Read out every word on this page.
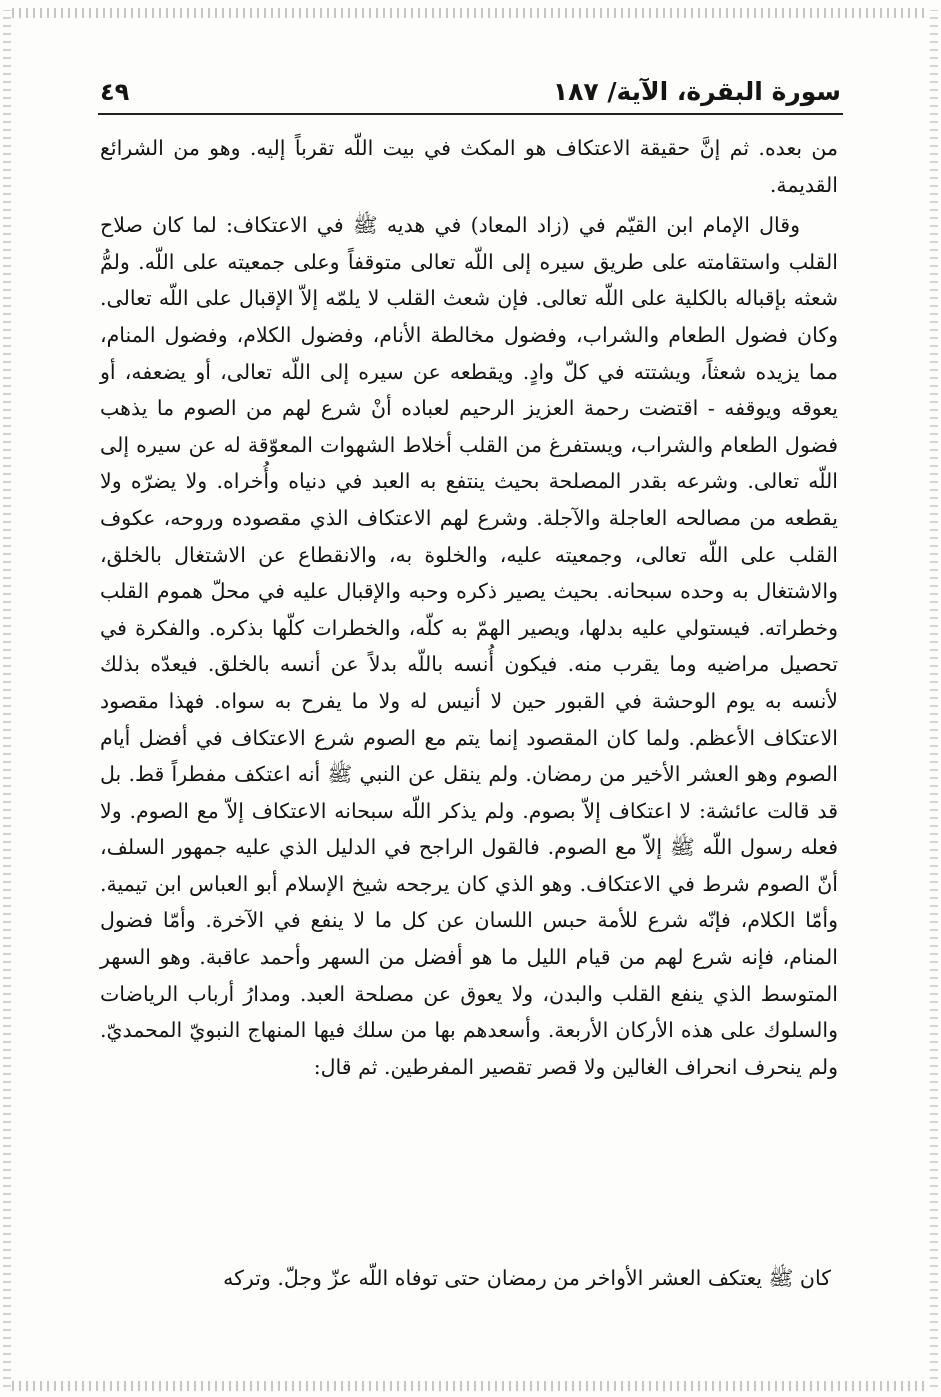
سورة البقرة، الآية/ ١٨٧
٤٩

من بعده. ثم إنَّ حقيقة الاعتكاف هو المكث في بيت اللّه تقرباً إليه. وهو من الشرائع القديمة.

وقال الإمام ابن القيّم في (زاد المعاد) في هديه ﷺ في الاعتكاف: لما كان صلاح القلب واستقامته على طريق سيره إلى اللّه تعالى متوقفاً وعلى جمعيته على اللّه. ولمُّ شعثه بإقباله بالكلية على اللّه تعالى. فإن شعث القلب لا يلمّه إلاّ الإقبال على اللّه تعالى. وكان فضول الطعام والشراب، وفضول مخالطة الأنام، وفضول الكلام، وفضول المنام، مما يزيده شعثاً، ويشتته في كلّ وادٍ. ويقطعه عن سيره إلى اللّه تعالى، أو يضعفه، أو يعوقه ويوقفه - اقتضت رحمة العزيز الرحيم لعباده أنْ شرع لهم من الصوم ما يذهب فضول الطعام والشراب، ويستفرغ من القلب أخلاط الشهوات المعوّقة له عن سيره إلى اللّه تعالى. وشرعه بقدر المصلحة بحيث ينتفع به العبد في دنياه وأُخراه. ولا يضرّه ولا يقطعه من مصالحه العاجلة والآجلة. وشرع لهم الاعتكاف الذي مقصوده وروحه، عكوف القلب على اللّه تعالى، وجمعيته عليه، والخلوة به، والانقطاع عن الاشتغال بالخلق، والاشتغال به وحده سبحانه. بحيث يصير ذكره وحبه والإقبال عليه في محلّ هموم القلب وخطراته. فيستولي عليه بدلها، ويصير الهمّ به كلّه، والخطرات كلّها بذكره. والفكرة في تحصيل مراضيه وما يقرب منه. فيكون أُنسه باللّه بدلاً عن أنسه بالخلق. فيعدّه بذلك لأنسه به يوم الوحشة في القبور حين لا أنيس له ولا ما يفرح به سواه. فهذا مقصود الاعتكاف الأعظم. ولما كان المقصود إنما يتم مع الصوم شرع الاعتكاف في أفضل أيام الصوم وهو العشر الأخير من رمضان. ولم ينقل عن النبي ﷺ أنه اعتكف مفطراً قط. بل قد قالت عائشة: لا اعتكاف إلاّ بصوم. ولم يذكر اللّه سبحانه الاعتكاف إلاّ مع الصوم. ولا فعله رسول اللّه ﷺ إلاّ مع الصوم. فالقول الراجح في الدليل الذي عليه جمهور السلف، أنّ الصوم شرط في الاعتكاف. وهو الذي كان يرجحه شيخ الإسلام أبو العباس ابن تيمية. وأمّا الكلام، فإنّه شرع للأمة حبس اللسان عن كل ما لا ينفع في الآخرة. وأمّا فضول المنام، فإنه شرع لهم من قيام الليل ما هو أفضل من السهر وأحمد عاقبة. وهو السهر المتوسط الذي ينفع القلب والبدن، ولا يعوق عن مصلحة العبد. ومدارُ أرباب الرياضات والسلوك على هذه الأركان الأربعة. وأسعدهم بها من سلك فيها المنهاج النبويّ المحمديّ. ولم ينحرف انحراف الغالين ولا قصر تقصير المفرطين. ثم قال:

كان ﷺ يعتكف العشر الأواخر من رمضان حتى توفاه اللّه عزّ وجلّ. وتركه
